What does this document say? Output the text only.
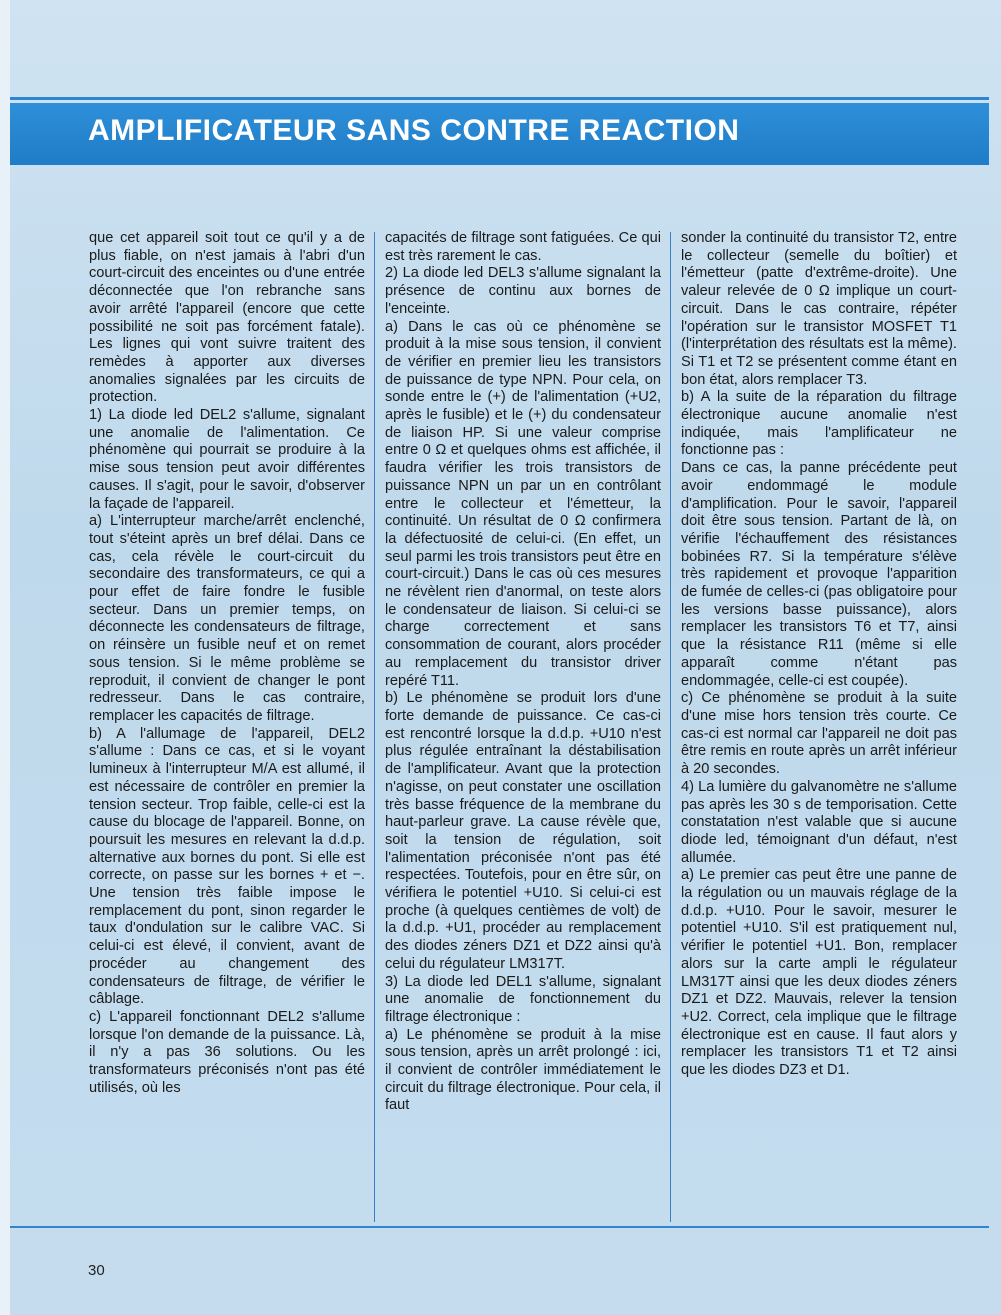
AMPLIFICATEUR SANS CONTRE REACTION

que cet appareil soit tout ce qu'il y a de plus fiable, on n'est jamais à l'abri d'un court-circuit des enceintes ou d'une entrée déconnectée que l'on rebranche sans avoir arrêté l'appareil (encore que cette possibilité ne soit pas forcément fatale). Les lignes qui vont suivre traitent des remèdes à apporter aux diverses anomalies signalées par les circuits de protection.

1) La diode led DEL2 s'allume, signalant une anomalie de l'alimentation. Ce phénomène qui pourrait se produire à la mise sous tension peut avoir différentes causes. Il s'agit, pour le savoir, d'observer la façade de l'appareil.

a) L'interrupteur marche/arrêt enclenché, tout s'éteint après un bref délai. Dans ce cas, cela révèle le court-circuit du secondaire des transformateurs, ce qui a pour effet de faire fondre le fusible secteur. Dans un premier temps, on déconnecte les condensateurs de filtrage, on réinsère un fusible neuf et on remet sous tension. Si le même problème se reproduit, il convient de changer le pont redresseur. Dans le cas contraire, remplacer les capacités de filtrage.

b) A l'allumage de l'appareil, DEL2 s'allume : Dans ce cas, et si le voyant lumineux à l'interrupteur M/A est allumé, il est nécessaire de contrôler en premier la tension secteur. Trop faible, celle-ci est la cause du blocage de l'appareil. Bonne, on poursuit les mesures en relevant la d.d.p. alternative aux bornes du pont. Si elle est correcte, on passe sur les bornes + et −. Une tension très faible impose le remplacement du pont, sinon regarder le taux d'ondulation sur le calibre VAC. Si celui-ci est élevé, il convient, avant de procéder au changement des condensateurs de filtrage, de vérifier le câblage.

c) L'appareil fonctionnant DEL2 s'allume lorsque l'on demande de la puissance. Là, il n'y a pas 36 solutions. Ou les transformateurs préconisés n'ont pas été utilisés, où les

capacités de filtrage sont fatiguées. Ce qui est très rarement le cas.

2) La diode led DEL3 s'allume signalant la présence de continu aux bornes de l'enceinte.

a) Dans le cas où ce phénomène se produit à la mise sous tension, il convient de vérifier en premier lieu les transistors de puissance de type NPN. Pour cela, on sonde entre le (+) de l'alimentation (+U2, après le fusible) et le (+) du condensateur de liaison HP. Si une valeur comprise entre 0 Ω et quelques ohms est affichée, il faudra vérifier les trois transistors de puissance NPN un par un en contrôlant entre le collecteur et l'émetteur, la continuité. Un résultat de 0 Ω confirmera la défectuosité de celui-ci. (En effet, un seul parmi les trois transistors peut être en court-circuit.) Dans le cas où ces mesures ne révèlent rien d'anormal, on teste alors le condensateur de liaison. Si celui-ci se charge correctement et sans consommation de courant, alors procéder au remplacement du transistor driver repéré T11.

b) Le phénomène se produit lors d'une forte demande de puissance. Ce cas-ci est rencontré lorsque la d.d.p. +U10 n'est plus régulée entraînant la déstabilisation de l'amplificateur. Avant que la protection n'agisse, on peut constater une oscillation très basse fréquence de la membrane du haut-parleur grave. La cause révèle que, soit la tension de régulation, soit l'alimentation préconisée n'ont pas été respectées. Toutefois, pour en être sûr, on vérifiera le potentiel +U10. Si celui-ci est proche (à quelques centièmes de volt) de la d.d.p. +U1, procéder au remplacement des diodes zéners DZ1 et DZ2 ainsi qu'à celui du régulateur LM317T.

3) La diode led DEL1 s'allume, signalant une anomalie de fonctionnement du filtrage électronique :

a) Le phénomène se produit à la mise sous tension, après un arrêt prolongé : ici, il convient de contrôler immédiatement le circuit du filtrage électronique. Pour cela, il faut

sonder la continuité du transistor T2, entre le collecteur (semelle du boîtier) et l'émetteur (patte d'extrême-droite). Une valeur relevée de 0 Ω implique un court-circuit. Dans le cas contraire, répéter l'opération sur le transistor MOSFET T1 (l'interprétation des résultats est la même). Si T1 et T2 se présentent comme étant en bon état, alors remplacer T3.

b) A la suite de la réparation du filtrage électronique aucune anomalie n'est indiquée, mais l'amplificateur ne fonctionne pas :

Dans ce cas, la panne précédente peut avoir endommagé le module d'amplification. Pour le savoir, l'appareil doit être sous tension. Partant de là, on vérifie l'échauffement des résistances bobinées R7. Si la température s'élève très rapidement et provoque l'apparition de fumée de celles-ci (pas obligatoire pour les versions basse puissance), alors remplacer les transistors T6 et T7, ainsi que la résistance R11 (même si elle apparaît comme n'étant pas endommagée, celle-ci est coupée).

c) Ce phénomène se produit à la suite d'une mise hors tension très courte. Ce cas-ci est normal car l'appareil ne doit pas être remis en route après un arrêt inférieur à 20 secondes.

4) La lumière du galvanomètre ne s'allume pas après les 30 s de temporisation. Cette constatation n'est valable que si aucune diode led, témoignant d'un défaut, n'est allumée.

a) Le premier cas peut être une panne de la régulation ou un mauvais réglage de la d.d.p. +U10. Pour le savoir, mesurer le potentiel +U10. S'il est pratiquement nul, vérifier le potentiel +U1. Bon, remplacer alors sur la carte ampli le régulateur LM317T ainsi que les deux diodes zéners DZ1 et DZ2. Mauvais, relever la tension +U2. Correct, cela implique que le filtrage électronique est en cause. Il faut alors y remplacer les transistors T1 et T2 ainsi que les diodes DZ3 et D1.

30
